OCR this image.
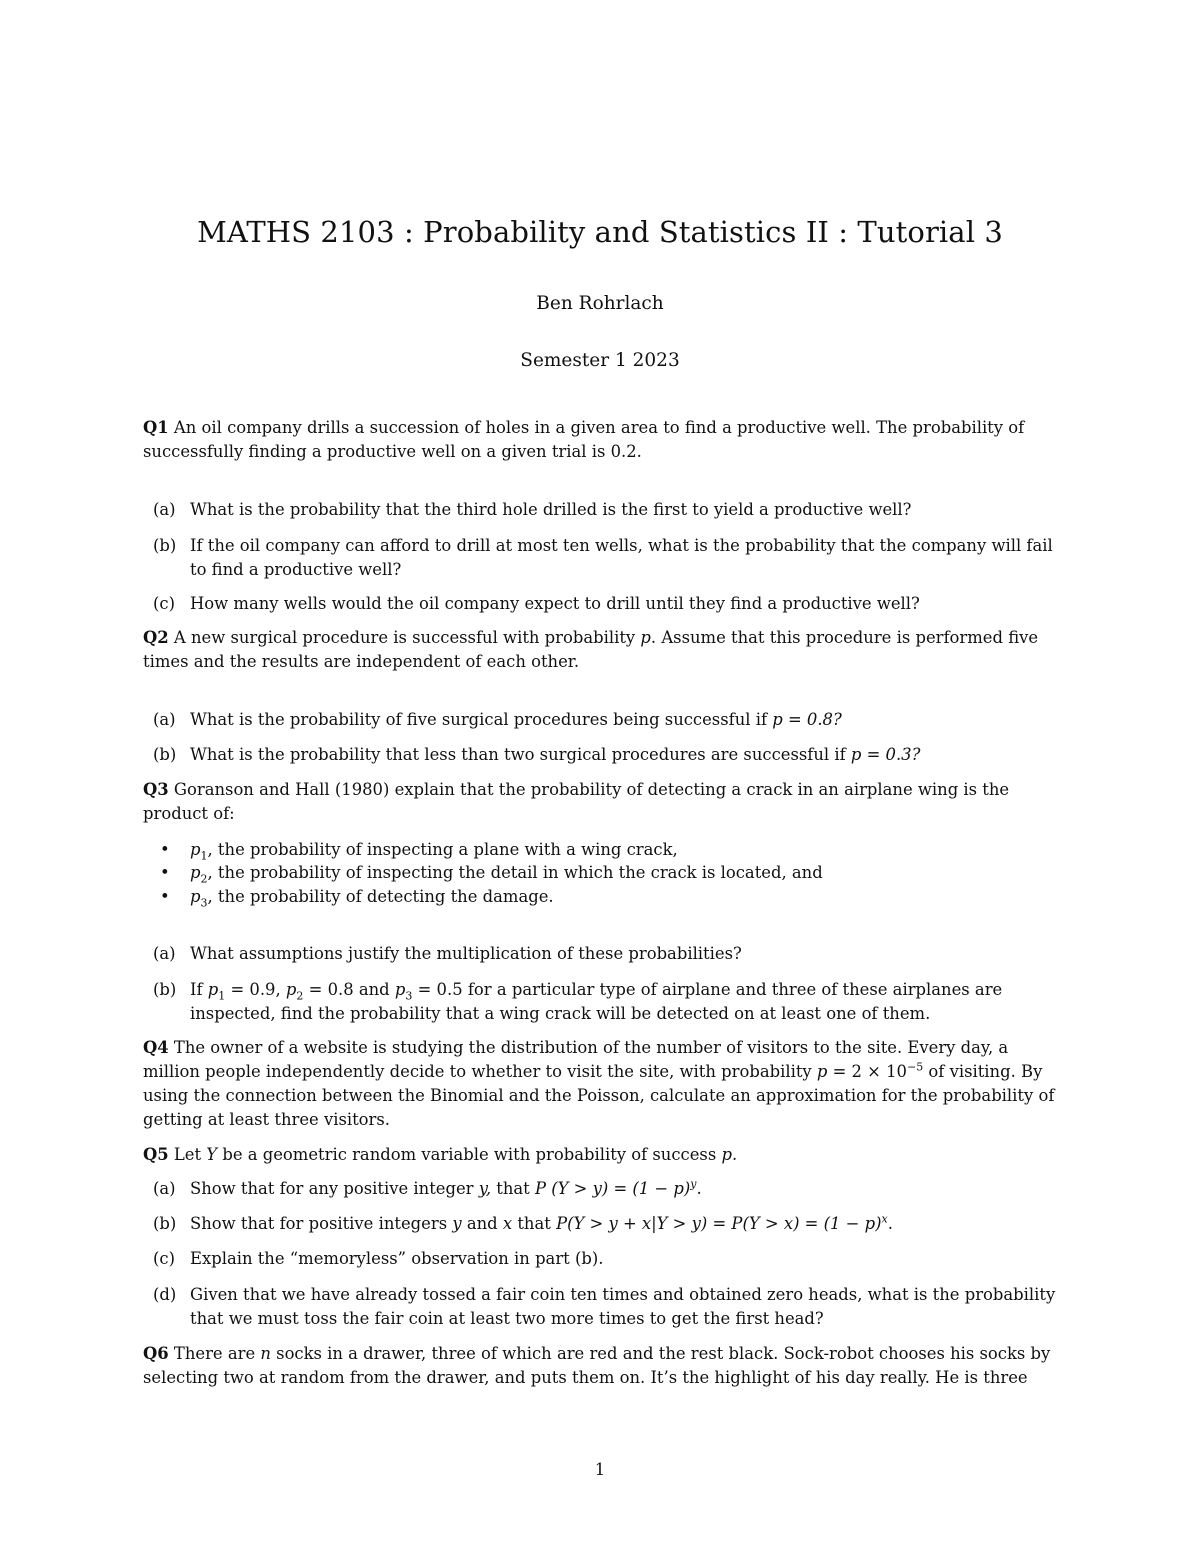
MATHS 2103 : Probability and Statistics II : Tutorial 3
Ben Rohrlach
Semester 1 2023
Q1 An oil company drills a succession of holes in a given area to find a productive well. The probability of successfully finding a productive well on a given trial is 0.2.
(a) What is the probability that the third hole drilled is the first to yield a productive well?
(b) If the oil company can afford to drill at most ten wells, what is the probability that the company will fail to find a productive well?
(c) How many wells would the oil company expect to drill until they find a productive well?
Q2 A new surgical procedure is successful with probability p. Assume that this procedure is performed five times and the results are independent of each other.
(a) What is the probability of five surgical procedures being successful if p = 0.8?
(b) What is the probability that less than two surgical procedures are successful if p = 0.3?
Q3 Goranson and Hall (1980) explain that the probability of detecting a crack in an airplane wing is the product of:
• $p_1$, the probability of inspecting a plane with a wing crack,
• $p_2$, the probability of inspecting the detail in which the crack is located, and
• $p_3$, the probability of detecting the damage.
(a) What assumptions justify the multiplication of these probabilities?
(b) If $p_1 = 0.9$, $p_2 = 0.8$ and $p_3 = 0.5$ for a particular type of airplane and three of these airplanes are inspected, find the probability that a wing crack will be detected on at least one of them.
Q4 The owner of a website is studying the distribution of the number of visitors to the site. Every day, a million people independently decide to whether to visit the site, with probability $p = 2 \times 10^{-5}$ of visiting. By using the connection between the Binomial and the Poisson, calculate an approximation for the probability of getting at least three visitors.
Q5 Let Y be a geometric random variable with probability of success p.
(a) Show that for any positive integer y, that P $(Y > y) = (1 - p)^y$.
(b) Show that for positive integers y and x that $P(Y > y + x|Y > y) = P(Y > x) = (1 - p)^x$.
(c) Explain the “memoryless” observation in part (b).
(d) Given that we have already tossed a fair coin ten times and obtained zero heads, what is the probability that we must toss the fair coin at least two more times to get the first head?
Q6 There are n socks in a drawer, three of which are red and the rest black. Sock-robot chooses his socks by selecting two at random from the drawer, and puts them on. It’s the highlight of his day really. He is three
1
